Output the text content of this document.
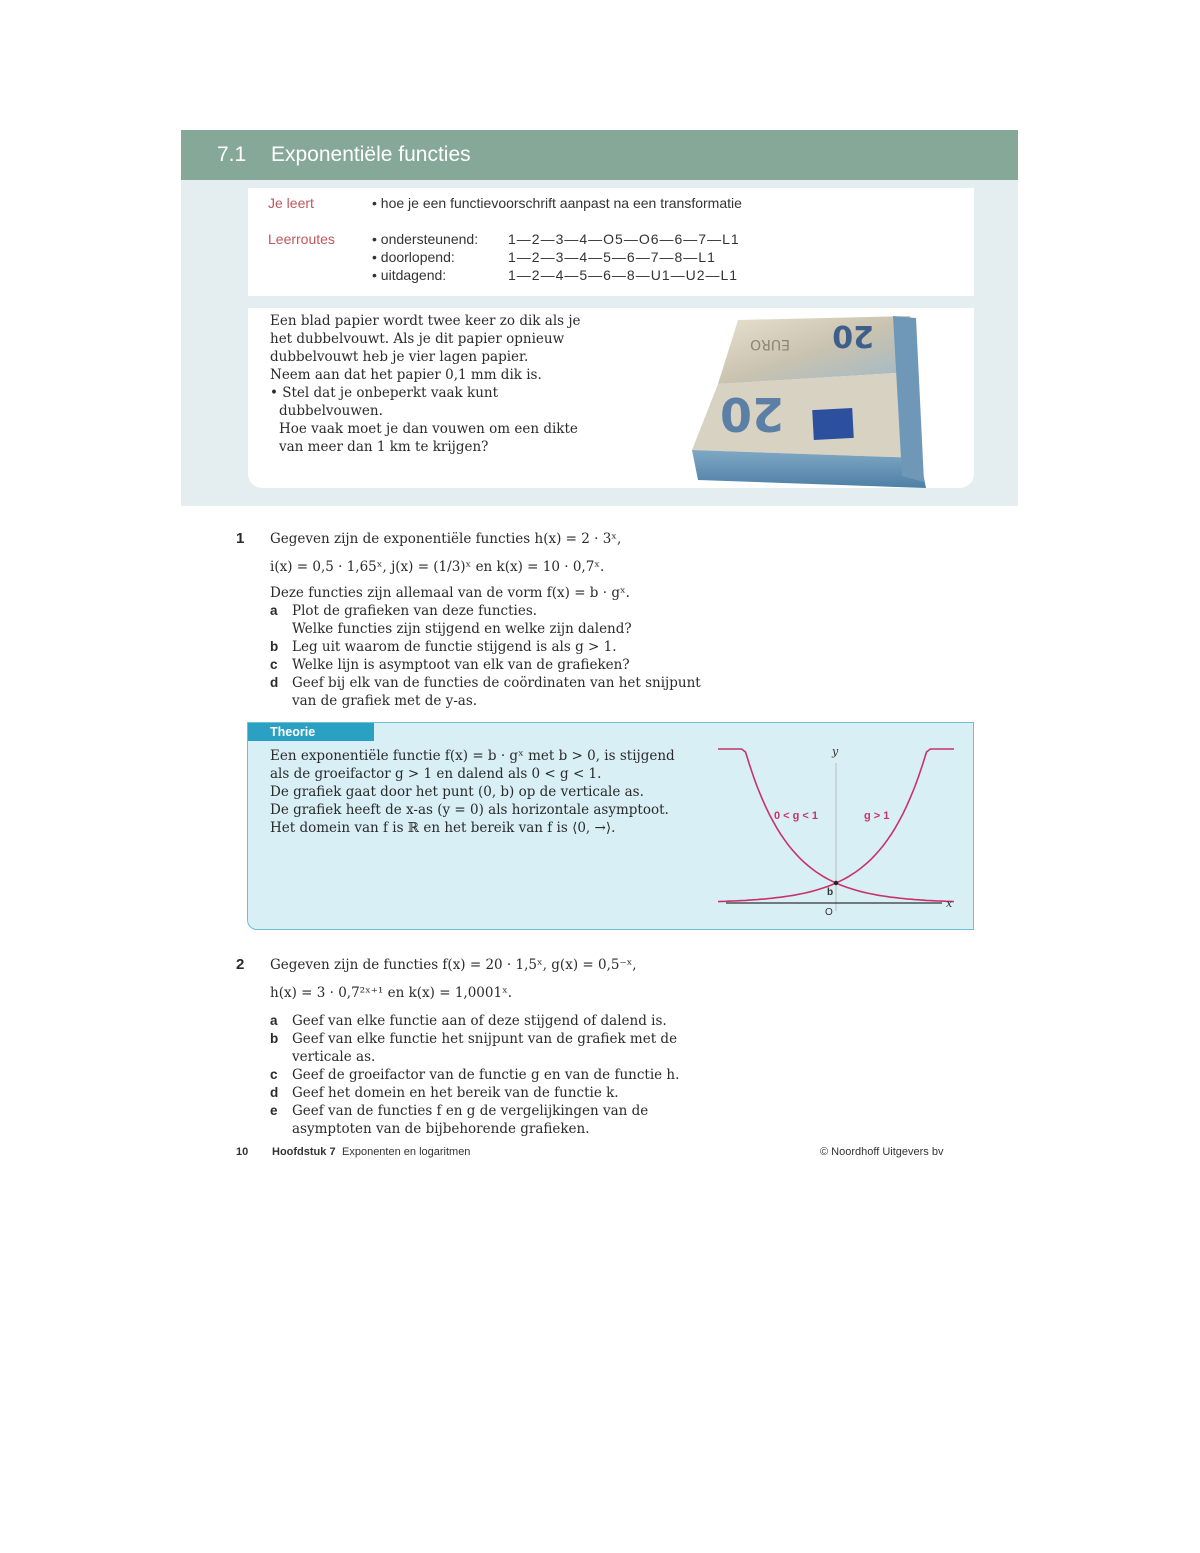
7.1	Exponentiële functies
Je leert	• hoe je een functievoorschrift aanpast na een transformatie
Leerroutes	• ondersteunend: 1—2—3—4—O5—O6—6—7—L1
• doorlopend:	1—2—3—4—5—6—7—8—L1
• uitdagend:	1—2—4—5—6—8—U1—U2—L1
Een blad papier wordt twee keer zo dik als je
het dubbelvouwt. Als je dit papier opnieuw
dubbelvouwt heb je vier lagen papier.
Neem aan dat het papier 0,1 mm dik is.
• Stel dat je onbeperkt vaak kunt
dubbelvouwen.
Hoe vaak moet je dan vouwen om een dikte
van meer dan 1 km te krijgen?
20
20
EURO
1 Gegeven zijn de exponentiële functies h(x) = 2 · 3ˣ,
i(x) = 0,5 · 1,65ˣ, j(x) = (1/3)ˣ en k(x) = 10 · 0,7ˣ.
Deze functies zijn allemaal van de vorm f(x) = b · gˣ.
a	Plot de grafieken van deze functies.
Welke functies zijn stijgend en welke zijn dalend?
b	Leg uit waarom de functie stijgend is als g > 1.
c	Welke lijn is asymptoot van elk van de grafieken?
d	Geef bij elk van de functies de coördinaten van het snijpunt
van de grafiek met de y-as.
Theorie
Een exponentiële functie f(x) = b · gˣ met b > 0, is stijgend
als de groeifactor g > 1 en dalend als 0 < g < 1.
De grafiek gaat door het punt (0, b) op de verticale as.
De grafiek heeft de x-as (y = 0) als horizontale asymptoot.
Het domein van f is ℝ en het bereik van f is ⟨0, →⟩.
y
x
O
b
0 < g < 1	g > 1
2 Gegeven zijn de functies f(x) = 20 · 1,5ˣ, g(x) = 0,5⁻ˣ,
h(x) = 3 · 0,7²ˣ⁺¹ en k(x) = 1,0001ˣ.
a	Geef van elke functie aan of deze stijgend of dalend is.
b	Geef van elke functie het snijpunt van de grafiek met de
verticale as.
c	Geef de groeifactor van de functie g en van de functie h.
d	Geef het domein en het bereik van de functie k.
e	Geef van de functies f en g de vergelijkingen van de
asymptoten van de bijbehorende grafieken.
10 Hoofdstuk 7 Exponenten en logaritmen	© Noordhoff Uitgevers bv
